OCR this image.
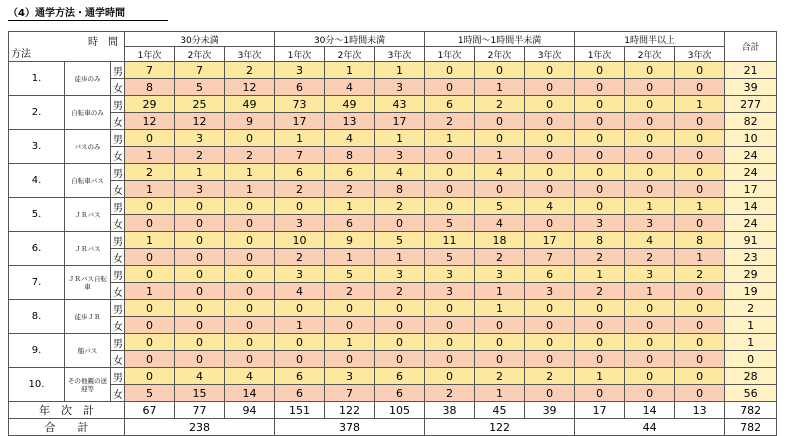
（4）通学方法・通学時間
時　間
方法			30分未満			30分～1時間未満			1時間～1時間半未満			1時間半以上			合計
			1年次	2年次	3年次	1年次	2年次	3年次	1年次	2年次	3年次	1年次	2年次	3年次	
1.	徒歩のみ	男	7	7	2	3	1	1	0	0	0	0	0	0	21
		女	8	5	12	6	4	3	0	1	0	0	0	0	39
2.	自転車のみ	男	29	25	49	73	49	43	6	2	0	0	0	1	277
		女	12	12	9	17	13	17	2	0	0	0	0	0	82
3.	バスのみ	男	0	3	0	1	4	1	1	0	0	0	0	0	10
		女	1	2	2	7	8	3	0	1	0	0	0	0	24
4.	自転車バス	男	2	1	1	6	6	4	0	4	0	0	0	0	24
		女	1	3	1	2	2	8	0	0	0	0	0	0	17
5.	ＪＲバス	男	0	0	0	0	1	2	0	5	4	0	1	1	14
		女	0	0	0	3	6	0	5	4	0	3	3	0	24
6.	ＪＲバス	男	1	0	0	10	9	5	11	18	17	8	4	8	91
		女	0	0	0	2	1	1	5	2	7	2	2	1	23
7.	ＪＲバス自転車	男	0	0	0	3	5	3	3	3	6	1	3	2	29
		女	1	0	0	4	2	2	3	1	3	2	1	0	19
8.	徒歩ＪＲ	男	0	0	0	0	0	0	0	1	0	0	0	0	2
		女	0	0	0	1	0	0	0	0	0	0	0	0	1
9.	船バス	男	0	0	0	0	1	0	0	0	0	0	0	0	1
		女	0	0	0	0	0	0	0	0	0	0	0	0	0
10.	その他親の送迎等	男	0	4	4	6	3	6	0	2	2	1	0	0	28
		女	5	15	14	6	7	6	2	1	0	0	0	0	56
年　次　計			67	77	94	151	122	105	38	45	39	17	14	13	782
合　　計			238			378			122			44			782
